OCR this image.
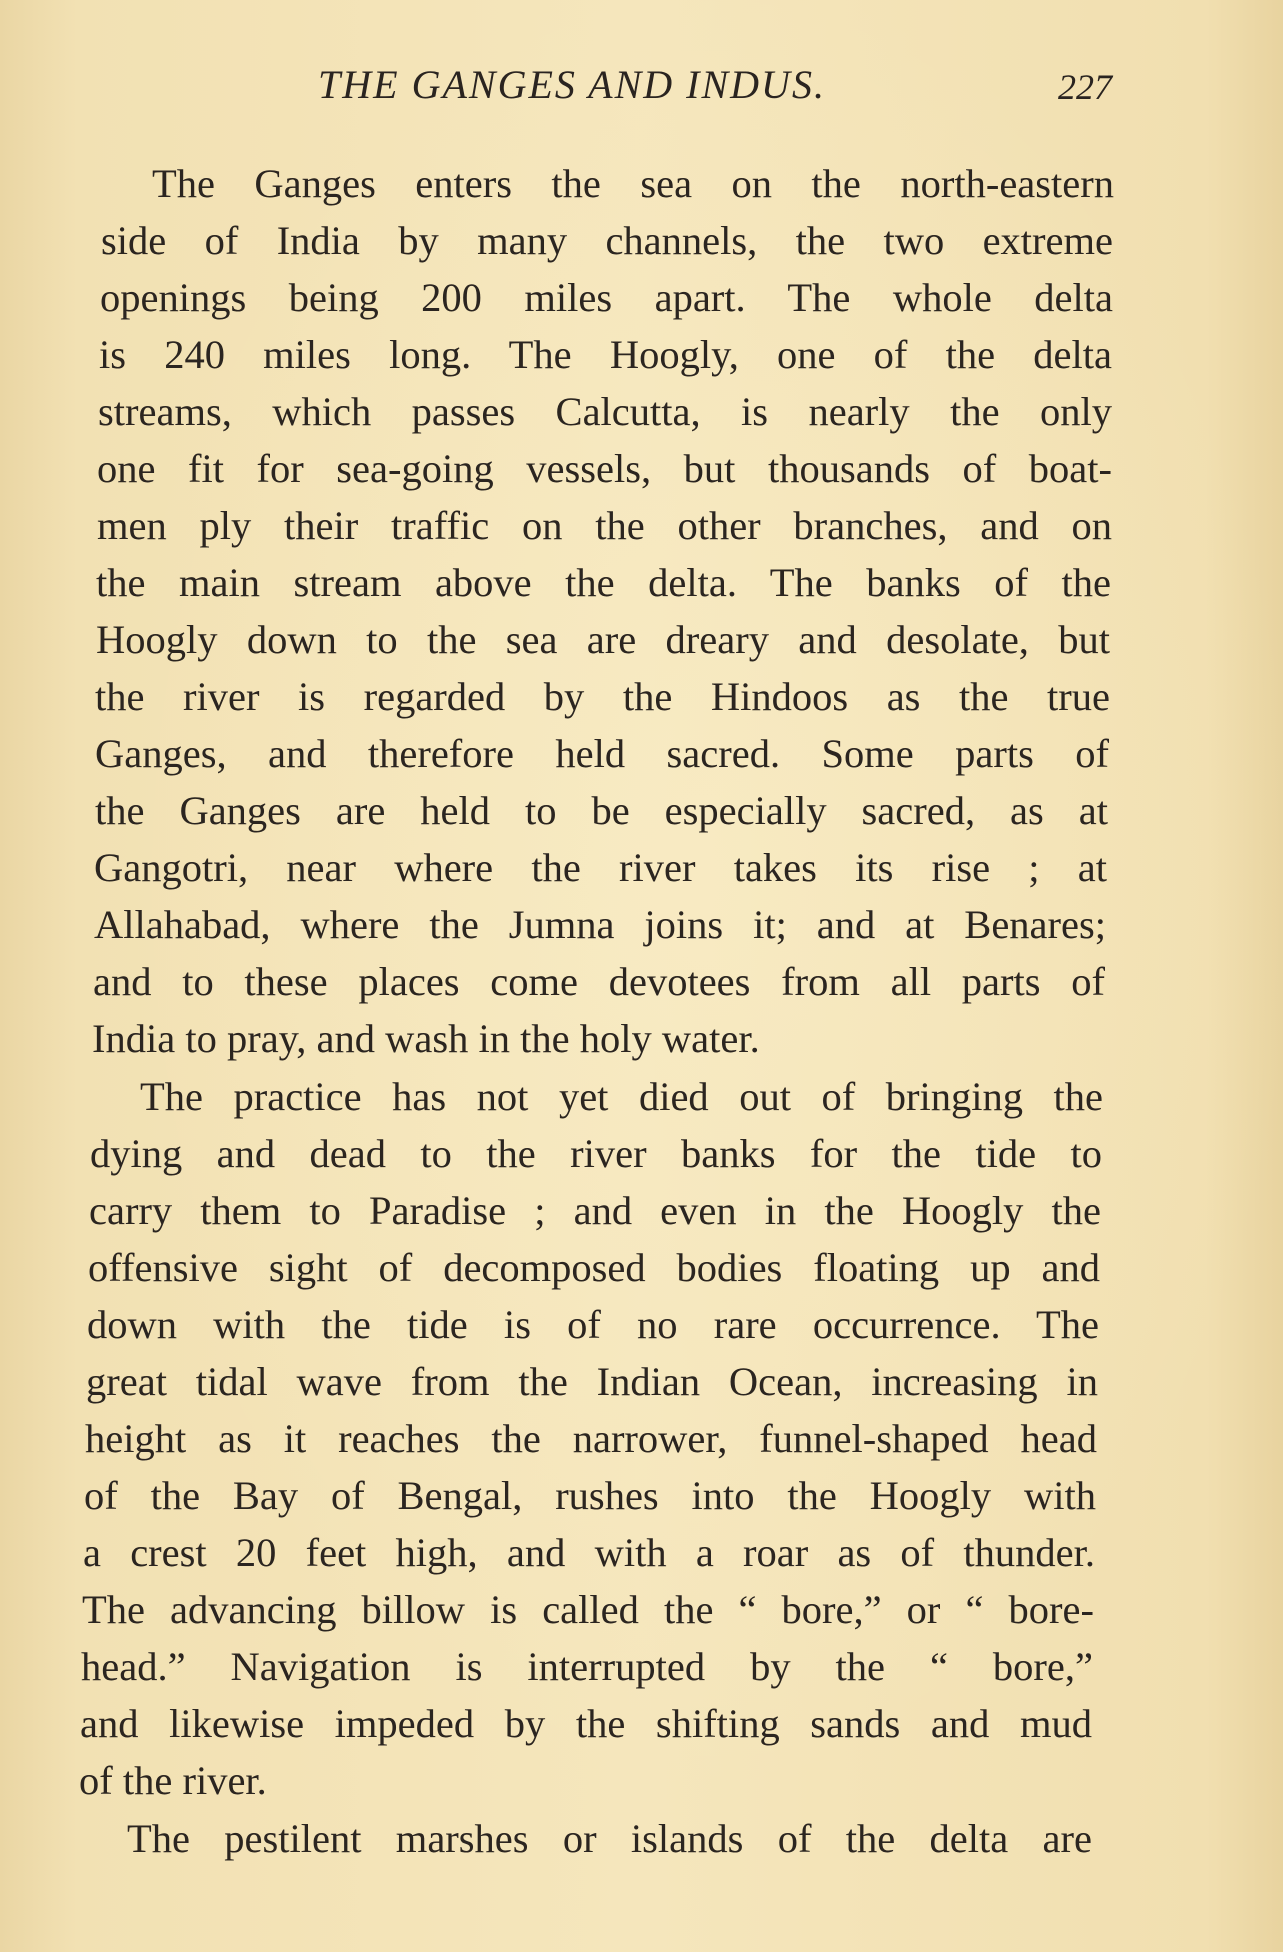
THE GANGES AND INDUS.	227
The Ganges enters the sea on the north-eastern
side of India by many channels, the two extreme
openings being 200 miles apart. The whole delta
is 240 miles long. The Hoogly, one of the delta
streams, which passes Calcutta, is nearly the only
one fit for sea-going vessels, but thousands of boat-
men ply their traffic on the other branches, and on
the main stream above the delta. The banks of the
Hoogly down to the sea are dreary and desolate, but
the river is regarded by the Hindoos as the true
Ganges, and therefore held sacred. Some parts of
the Ganges are held to be especially sacred, as at
Gangotri, near where the river takes its rise ; at
Allahabad, where the Jumna joins it; and at Benares;
and to these places come devotees from all parts of
India to pray, and wash in the holy water.
The practice has not yet died out of bringing the
dying and dead to the river banks for the tide to
carry them to Paradise ; and even in the Hoogly the
offensive sight of decomposed bodies floating up and
down with the tide is of no rare occurrence. The
great tidal wave from the Indian Ocean, increasing in
height as it reaches the narrower, funnel-shaped head
of the Bay of Bengal, rushes into the Hoogly with
a crest 20 feet high, and with a roar as of thunder.
The advancing billow is called the “ bore,” or “ bore-
head.” Navigation is interrupted by the “ bore,”
and likewise impeded by the shifting sands and mud
of the river.
The pestilent marshes or islands of the delta are
